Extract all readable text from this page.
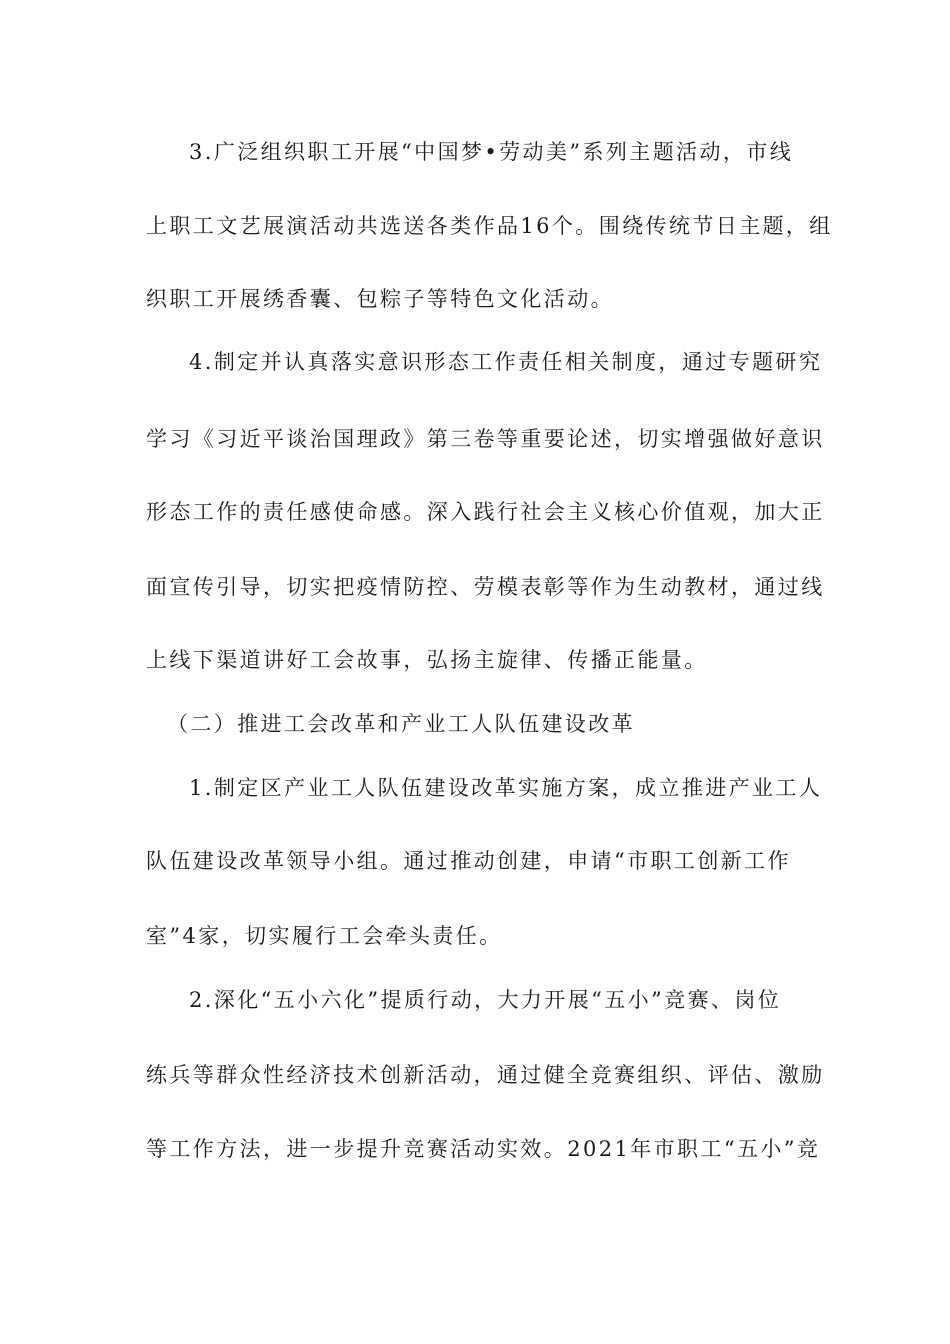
3.广泛组织职工开展“中国梦•劳动美”系列主题活动，市线
上职工文艺展演活动共选送各类作品16个。围绕传统节日主题，组
织职工开展绣香囊、包粽子等特色文化活动。
4.制定并认真落实意识形态工作责任相关制度，通过专题研究
学习《习近平谈治国理政》第三卷等重要论述，切实增强做好意识
形态工作的责任感使命感。深入践行社会主义核心价值观，加大正
面宣传引导，切实把疫情防控、劳模表彰等作为生动教材，通过线
上线下渠道讲好工会故事，弘扬主旋律、传播正能量。
（二）推进工会改革和产业工人队伍建设改革
1.制定区产业工人队伍建设改革实施方案，成立推进产业工人
队伍建设改革领导小组。通过推动创建，申请“市职工创新工作
室”4家，切实履行工会牵头责任。
2.深化“五小六化”提质行动，大力开展“五小”竞赛、岗位
练兵等群众性经济技术创新活动，通过健全竞赛组织、评估、激励
等工作方法，进一步提升竞赛活动实效。2021年市职工“五小”竞
